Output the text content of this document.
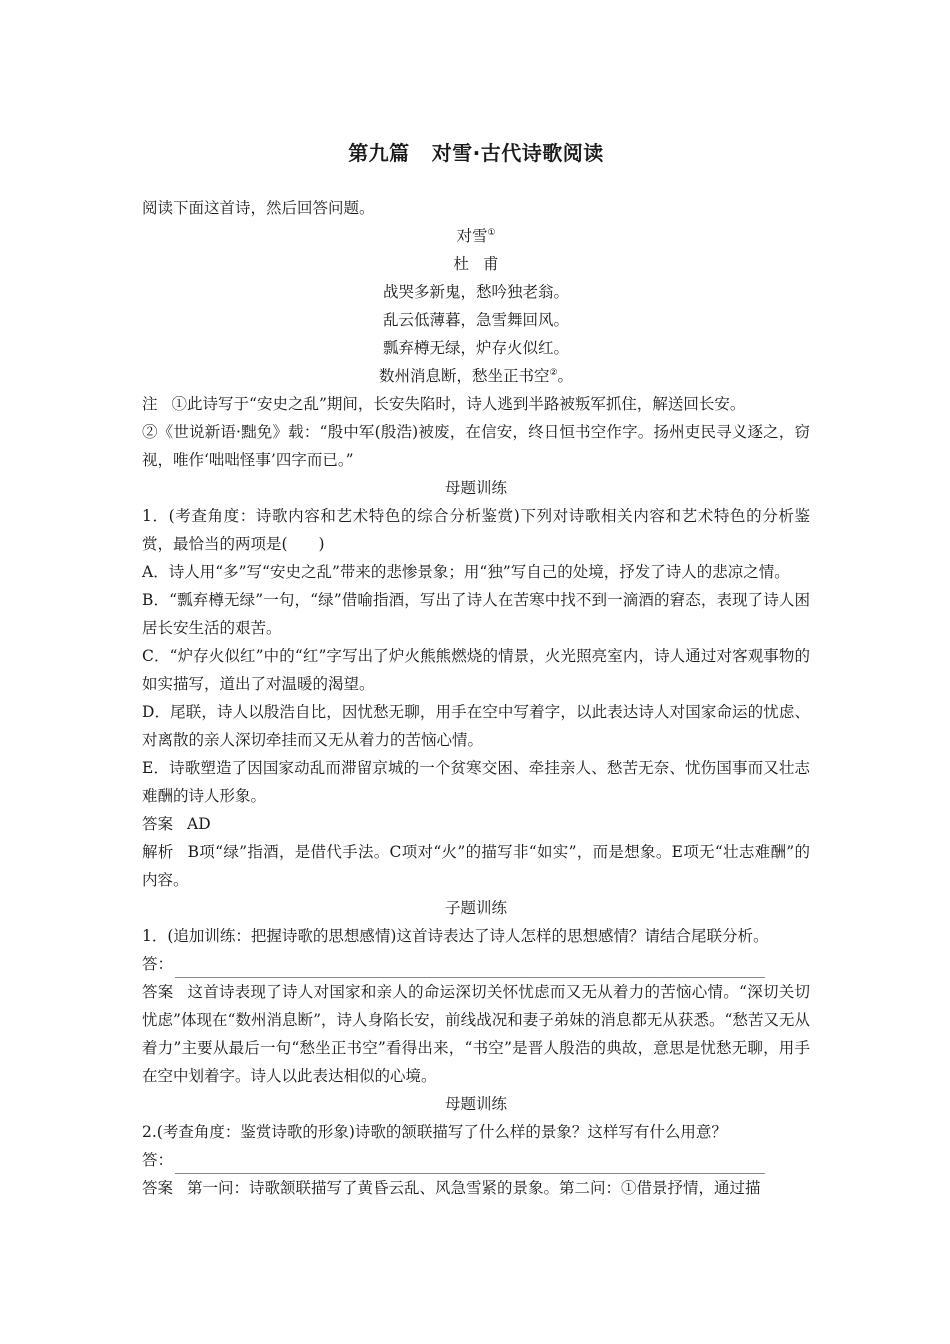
第九篇 对雪·古代诗歌阅读
阅读下面这首诗，然后回答问题。
对雪①
杜甫
战哭多新鬼，愁吟独老翁。
乱云低薄暮，急雪舞回风。
瓢弃樽无绿，炉存火似红。
数州消息断，愁坐正书空②。
注 ①此诗写于“安史之乱”期间，长安失陷时，诗人逃到半路被叛军抓住，解送回长安。
②《世说新语·黜免》载：“殷中军(殷浩)被废，在信安，终日恒书空作字。扬州吏民寻义逐之，窃视，唯作‘咄咄怪事’四字而已。”
母题训练
1．(考查角度：诗歌内容和艺术特色的综合分析鉴赏)下列对诗歌相关内容和艺术特色的分析鉴赏，最恰当的两项是(　　)
A．诗人用“多”写“安史之乱”带来的悲惨景象；用“独”写自己的处境，抒发了诗人的悲凉之情。
B．“瓢弃樽无绿”一句，“绿”借喻指酒，写出了诗人在苦寒中找不到一滴酒的窘态，表现了诗人困居长安生活的艰苦。
C．“炉存火似红”中的“红”字写出了炉火熊熊燃烧的情景，火光照亮室内，诗人通过对客观事物的如实描写，道出了对温暖的渴望。
D．尾联，诗人以殷浩自比，因忧愁无聊，用手在空中写着字，以此表达诗人对国家命运的忧虑、对离散的亲人深切牵挂而又无从着力的苦恼心情。
E．诗歌塑造了因国家动乱而滞留京城的一个贫寒交困、牵挂亲人、愁苦无奈、忧伤国事而又壮志难酬的诗人形象。
答案 AD
解析 B项“绿”指酒，是借代手法。C项对“火”的描写非“如实”，而是想象。E项无“壮志难酬”的内容。
子题训练
1．(追加训练：把握诗歌的思想感情)这首诗表达了诗人怎样的思想感情？请结合尾联分析。
答：
答案 这首诗表现了诗人对国家和亲人的命运深切关怀忧虑而又无从着力的苦恼心情。“深切关切忧虑”体现在“数州消息断”，诗人身陷长安，前线战况和妻子弟妹的消息都无从获悉。“愁苦又无从着力”主要从最后一句“愁坐正书空”看得出来，“书空”是晋人殷浩的典故，意思是忧愁无聊，用手在空中划着字。诗人以此表达相似的心境。
母题训练
2.(考查角度：鉴赏诗歌的形象)诗歌的颔联描写了什么样的景象？这样写有什么用意？
答：
答案 第一问：诗歌颔联描写了黄昏云乱、风急雪紧的景象。第二问：①借景抒情，通过描
